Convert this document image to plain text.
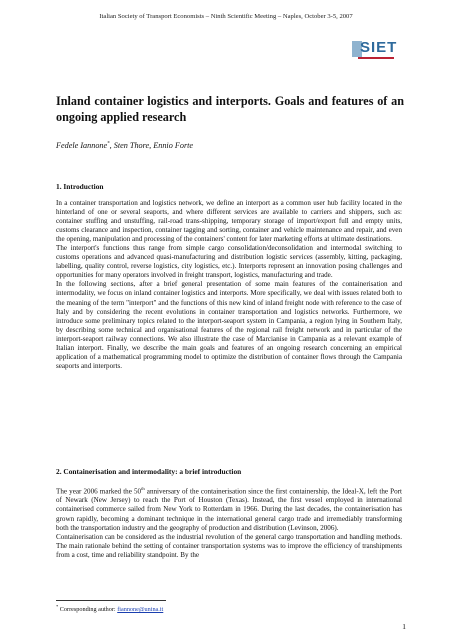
Italian Society of Transport Economists – Ninth Scientific Meeting – Naples, October 3-5, 2007
SIET
Inland container logistics and interports. Goals and features of an ongoing applied research
Fedele Iannone*, Sten Thore, Ennio Forte
1. Introduction

In a container transportation and logistics network, we define an interport as a common user hub facility located in the hinterland of one or several seaports, and where different services are available to carriers and shippers, such as: container stuffing and unstuffing, rail-road trans-shipping, temporary storage of import/export full and empty units, customs clearance and inspection, container tagging and sorting, container and vehicle maintenance and repair, and even the opening, manipulation and processing of the containers' content for later marketing efforts at ultimate destinations.

The interport's functions thus range from simple cargo consolidation/deconsolidation and intermodal switching to customs operations and advanced quasi-manufacturing and distribution logistic services (assembly, kitting, packaging, labelling, quality control, reverse logistics, city logistics, etc.). Interports represent an innovation posing challenges and opportunities for many operators involved in freight transport, logistics, manufacturing and trade.

In the following sections, after a brief general presentation of some main features of the containerisation and intermodality, we focus on inland container logistics and interports. More specifically, we deal with issues related both to the meaning of the term "interport" and the functions of this new kind of inland freight node with reference to the case of Italy and by considering the recent evolutions in container transportation and logistics networks. Furthermore, we introduce some preliminary topics related to the interport-seaport system in Campania, a region lying in Southern Italy, by describing some technical and organisational features of the regional rail freight network and in particular of the interport-seaport railway connections. We also illustrate the case of Marcianise in Campania as a relevant example of Italian interport. Finally, we describe the main goals and features of an ongoing research concerning an empirical application of a mathematical programming model to optimize the distribution of container flows through the Campania seaports and interports.

2. Containerisation and intermodality: a brief introduction

The year 2006 marked the 50th anniversary of the containerisation since the first containership, the Ideal-X, left the Port of Newark (New Jersey) to reach the Port of Houston (Texas). Instead, the first vessel employed in international containerised commerce sailed from New York to Rotterdam in 1966. During the last decades, the containerisation has grown rapidly, becoming a dominant technique in the international general cargo trade and irremediably transforming both the transportation industry and the geography of production and distribution (Levinson, 2006).

Containerisation can be considered as the industrial revolution of the general cargo transportation and handling methods. The main rationale behind the setting of container transportation systems was to improve the efficiency of transhipments from a cost, time and reliability standpoint. By the

* Corresponding author: fiannone@unina.it
1
